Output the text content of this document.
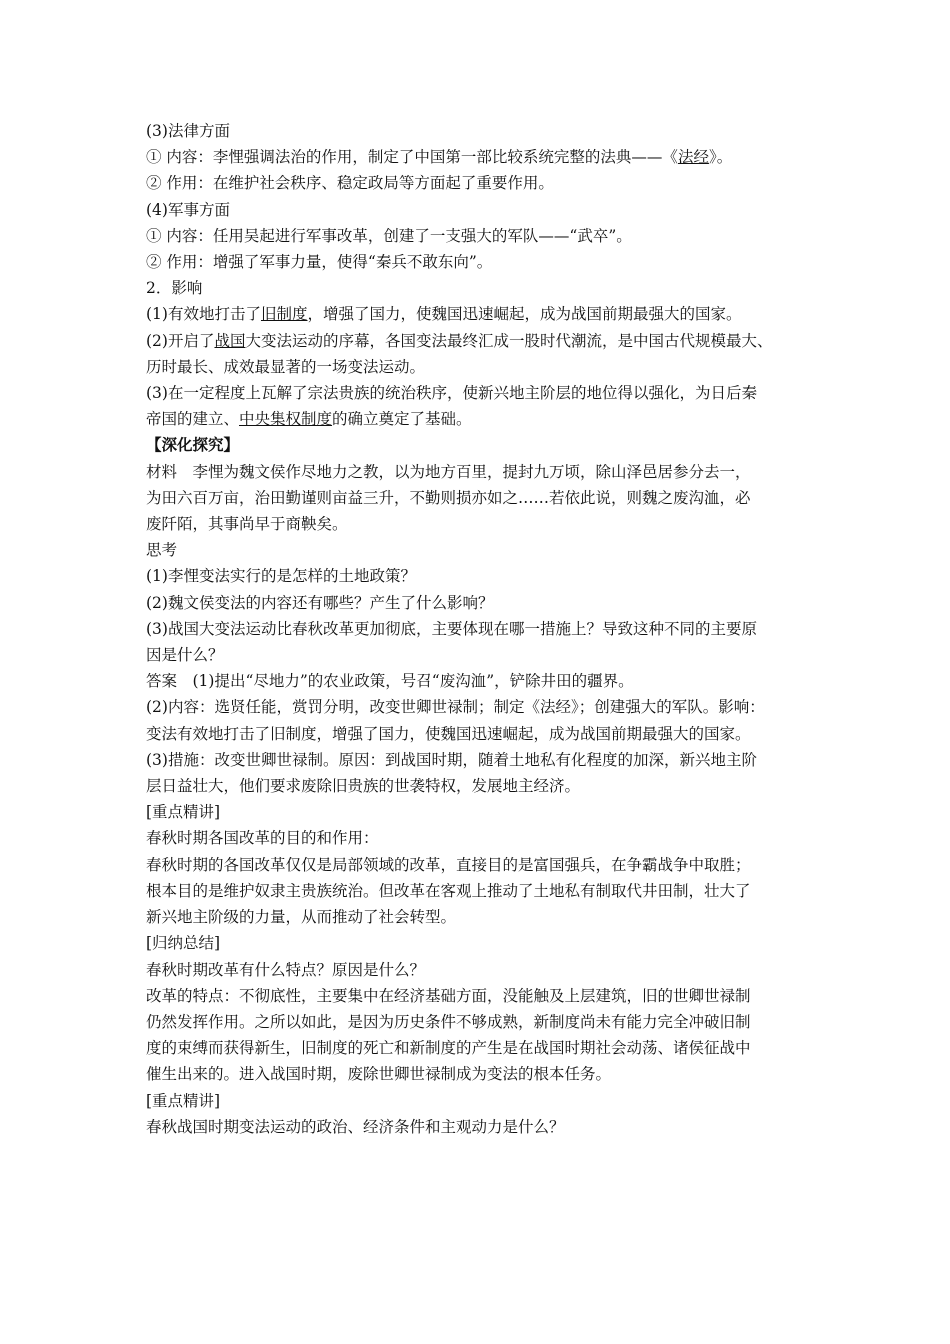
(3)法律方面

① 内容：李悝强调法治的作用，制定了中国第一部比较系统完整的法典——《法经》。

② 作用：在维护社会秩序、稳定政局等方面起了重要作用。

(4)军事方面

① 内容：任用吴起进行军事改革，创建了一支强大的军队——“武卒”。

② 作用：增强了军事力量，使得“秦兵不敢东向”。

2．影响

(1)有效地打击了旧制度，增强了国力，使魏国迅速崛起，成为战国前期最强大的国家。

(2)开启了战国大变法运动的序幕，各国变法最终汇成一股时代潮流，是中国古代规模最大、

历时最长、成效最显著的一场变法运动。

(3)在一定程度上瓦解了宗法贵族的统治秩序，使新兴地主阶层的地位得以强化，为日后秦

帝国的建立、中央集权制度的确立奠定了基础。

【深化探究】

材料　李悝为魏文侯作尽地力之教，以为地方百里，提封九万顷，除山泽邑居参分去一，

为田六百万亩，治田勤谨则亩益三升，不勤则损亦如之……若依此说，则魏之废沟洫，必

废阡陌，其事尚早于商鞅矣。

思考

(1)李悝变法实行的是怎样的土地政策？

(2)魏文侯变法的内容还有哪些？产生了什么影响？

(3)战国大变法运动比春秋改革更加彻底，主要体现在哪一措施上？导致这种不同的主要原

因是什么？

答案　(1)提出“尽地力”的农业政策，号召“废沟洫”，铲除井田的疆界。

(2)内容：选贤任能，赏罚分明，改变世卿世禄制；制定《法经》；创建强大的军队。影响：

变法有效地打击了旧制度，增强了国力，使魏国迅速崛起，成为战国前期最强大的国家。

(3)措施：改变世卿世禄制。原因：到战国时期，随着土地私有化程度的加深，新兴地主阶

层日益壮大，他们要求废除旧贵族的世袭特权，发展地主经济。

[重点精讲]

春秋时期各国改革的目的和作用：

春秋时期的各国改革仅仅是局部领域的改革，直接目的是富国强兵，在争霸战争中取胜；

根本目的是维护奴隶主贵族统治。但改革在客观上推动了土地私有制取代井田制，壮大了

新兴地主阶级的力量，从而推动了社会转型。

[归纳总结]

春秋时期改革有什么特点？原因是什么？

改革的特点：不彻底性，主要集中在经济基础方面，没能触及上层建筑，旧的世卿世禄制

仍然发挥作用。之所以如此，是因为历史条件不够成熟，新制度尚未有能力完全冲破旧制

度的束缚而获得新生，旧制度的死亡和新制度的产生是在战国时期社会动荡、诸侯征战中

催生出来的。进入战国时期，废除世卿世禄制成为变法的根本任务。

[重点精讲]

春秋战国时期变法运动的政治、经济条件和主观动力是什么？
